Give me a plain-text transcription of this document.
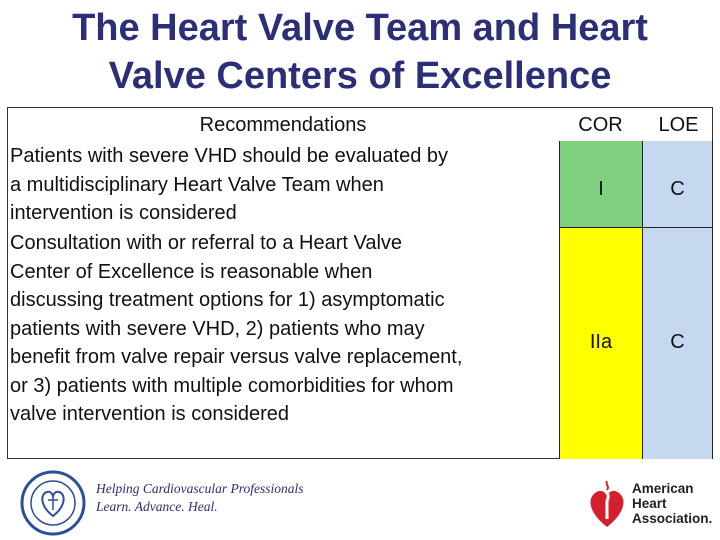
The Heart Valve Team and Heart
Valve Centers of Excellence
Recommendations	COR	LOE
Patients with severe VHD should be evaluated by
a multidisciplinary Heart Valve Team when
intervention is considered
Consultation with or referral to a Heart Valve
Center of Excellence is reasonable when
discussing treatment options for 1) asymptomatic
patients with severe VHD, 2) patients who may
benefit from valve repair versus valve replacement,
or 3) patients with multiple comorbidities for whom
valve intervention is considered
I
IIa
C
C
Helping Cardiovascular Professionals
Learn. Advance. Heal.
American
Heart
Association.
